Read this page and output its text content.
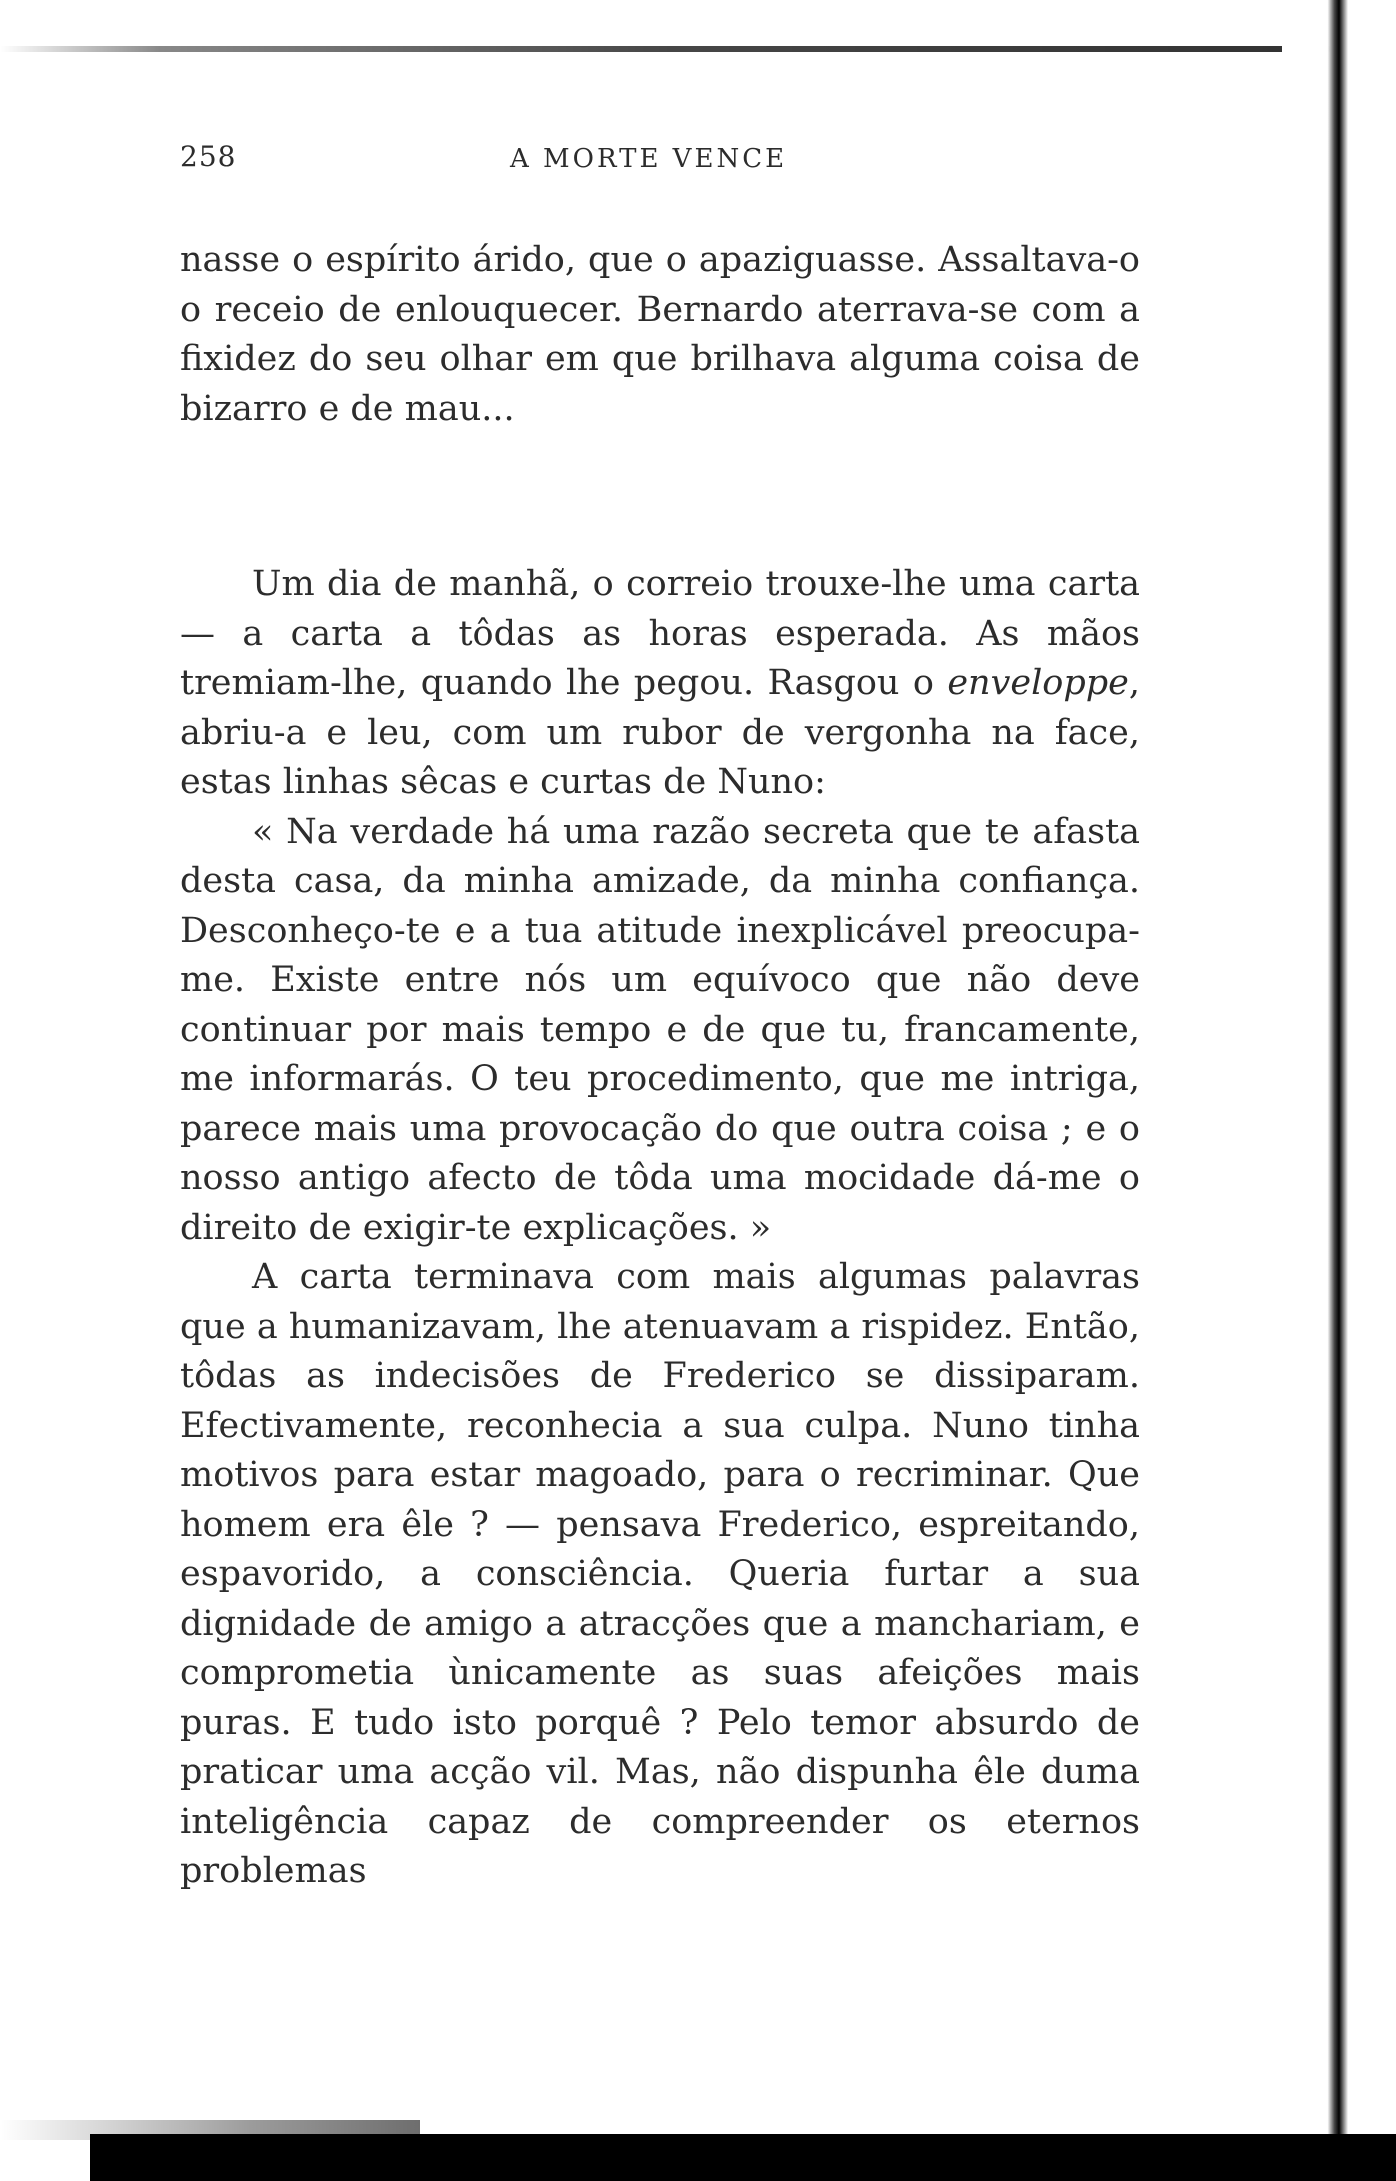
258	A MORTE VENCE

nasse o espírito árido, que o apaziguasse. Assaltava-o o receio de enlouquecer. Bernardo aterrava-se com a fixidez do seu olhar em que brilhava alguma coisa de bizarro e de mau...

Um dia de manhã, o correio trouxe-lhe uma carta — a carta a tôdas as horas esperada. As mãos tremiam-lhe, quando lhe pegou. Rasgou o enveloppe, abriu-a e leu, com um rubor de vergonha na face, estas linhas sêcas e curtas de Nuno:

« Na verdade há uma razão secreta que te afasta desta casa, da minha amizade, da minha confiança. Desconheço-te e a tua atitude inexplicável preocupa-me. Existe entre nós um equívoco que não deve continuar por mais tempo e de que tu, francamente, me informarás. O teu procedimento, que me intriga, parece mais uma provocação do que outra coisa ; e o nosso antigo afecto de tôda uma mocidade dá-me o direito de exigir-te explicações. »

A carta terminava com mais algumas palavras que a humanizavam, lhe atenuavam a rispidez. Então, tôdas as indecisões de Frederico se dissiparam. Efectivamente, reconhecia a sua culpa. Nuno tinha motivos para estar magoado, para o recriminar. Que homem era êle ? — pensava Frederico, espreitando, espavorido, a consciência. Queria furtar a sua dignidade de amigo a atracções que a manchariam, e comprometia ùnicamente as suas afeições mais puras. E tudo isto porquê ? Pelo temor absurdo de praticar uma acção vil. Mas, não dispunha êle duma inteligência capaz de compreender os eternos problemas
